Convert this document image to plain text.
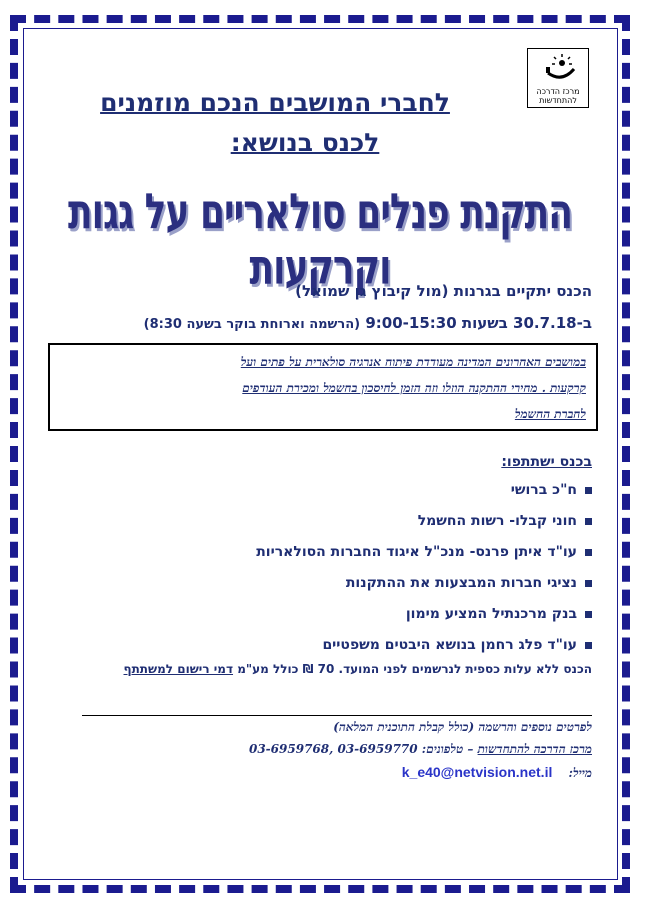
מרכז הדרכה
להתחדשות
לחברי המושבים הנכם מוזמנים
לכנס בנושא:
התקנת פנלים סולאריים על גגות וקרקעות
הכנס יתקיים בגרנות (מול קיבוץ גן שמואל)
ב-30.7.18 בשעות 9:00-15:30 (הרשמה וארוחת בוקר בשעה 8:30)
במושבים האחרונים המדינה מעודדת פיתוח אנרגיה סולארית על פתים ועל
קרקעות . מחירי ההתקנה הוזלו וזה הזמן לחיסכון בחשמל ומכירת העודפים
לחברת החשמל
בכנס ישתתפו:
ח"כ ברושי
חוני קבלו- רשות החשמל
עו"ד איתן פרנס- מנכ"ל איגוד החברות הסולאריות
נציגי חברות המבצעות את ההתקנות
בנק מרכנתיל המציע מימון
עו"ד פלג רחמן בנושא היבטים משפטיים
הכנס ללא עלות כספית לנרשמים לפני המועד. 70 ₪ כולל מע"מ דמי רישום למשתתף
לפרטים נוספים והרשמה (כולל קבלת התוכנית המלאה)
מרכז הדרכה להתחדשות – טלפונים: 03-6959770 ,03-6959768
מייל: k_e40@netvision.net.il
